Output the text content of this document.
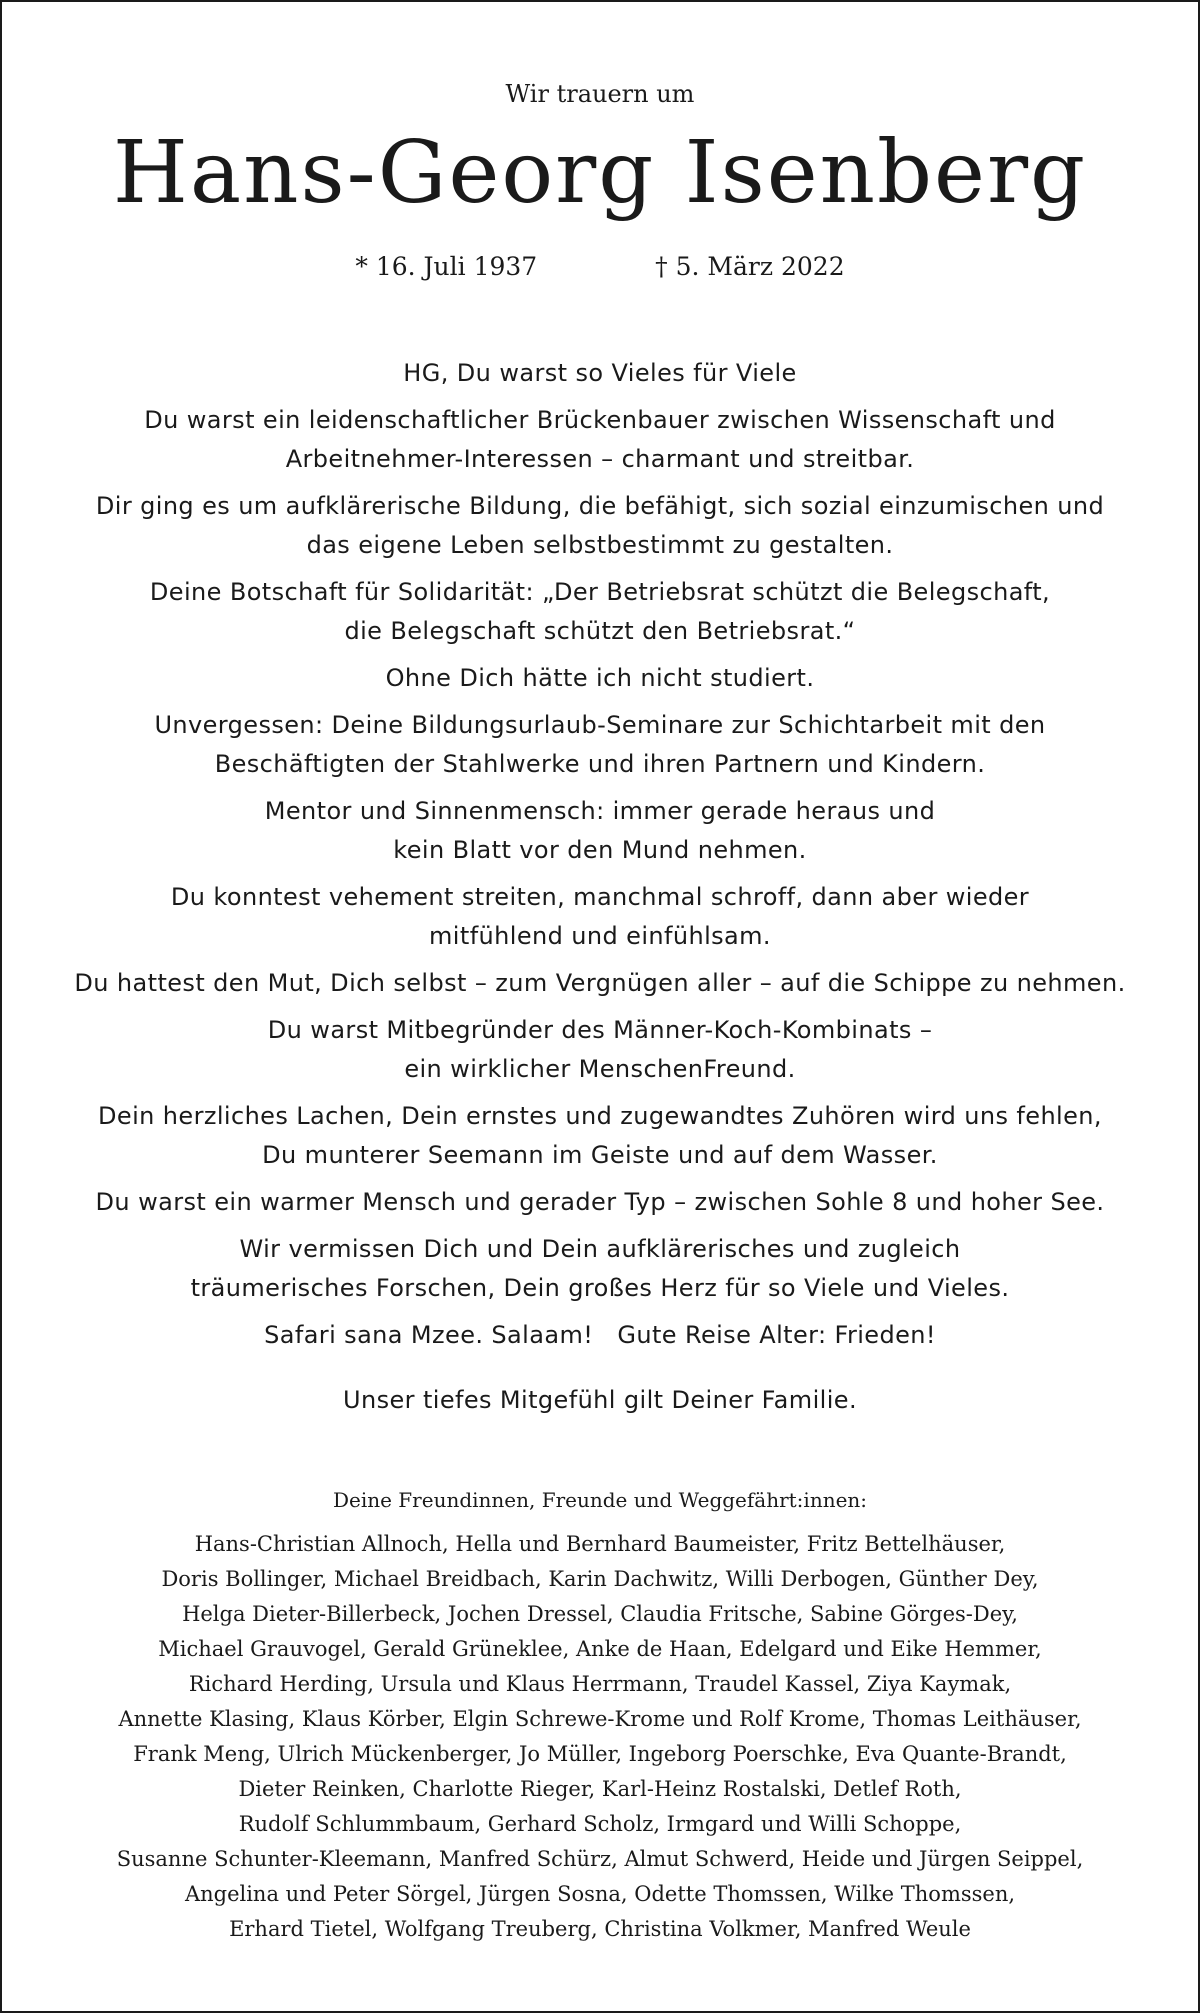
Wir trauern um
Hans-Georg Isenberg
* 16. Juli 1937	† 5. März 2022

HG, Du warst so Vieles für Viele

Du warst ein leidenschaftlicher Brückenbauer zwischen Wissenschaft und
Arbeitnehmer-Interessen – charmant und streitbar.

Dir ging es um aufklärerische Bildung, die befähigt, sich sozial einzumischen und
das eigene Leben selbstbestimmt zu gestalten.

Deine Botschaft für Solidarität: „Der Betriebsrat schützt die Belegschaft,
die Belegschaft schützt den Betriebsrat.“

Ohne Dich hätte ich nicht studiert.

Unvergessen: Deine Bildungsurlaub-Seminare zur Schichtarbeit mit den
Beschäftigten der Stahlwerke und ihren Partnern und Kindern.

Mentor und Sinnenmensch: immer gerade heraus und
kein Blatt vor den Mund nehmen.

Du konntest vehement streiten, manchmal schroff, dann aber wieder
mitfühlend und einfühlsam.

Du hattest den Mut, Dich selbst – zum Vergnügen aller – auf die Schippe zu nehmen.

Du warst Mitbegründer des Männer-Koch-Kombinats –
ein wirklicher MenschenFreund.

Dein herzliches Lachen, Dein ernstes und zugewandtes Zuhören wird uns fehlen,
Du munterer Seemann im Geiste und auf dem Wasser.

Du warst ein warmer Mensch und gerader Typ – zwischen Sohle 8 und hoher See.

Wir vermissen Dich und Dein aufklärerisches und zugleich
träumerisches Forschen, Dein großes Herz für so Viele und Vieles.

Safari sana Mzee. Salaam!   Gute Reise Alter: Frieden!

Unser tiefes Mitgefühl gilt Deiner Familie.

Deine Freundinnen, Freunde und Weggefährt:innen:
Hans-Christian Allnoch, Hella und Bernhard Baumeister, Fritz Bettelhäuser,
Doris Bollinger, Michael Breidbach, Karin Dachwitz, Willi Derbogen, Günther Dey,
Helga Dieter-Billerbeck, Jochen Dressel, Claudia Fritsche, Sabine Görges-Dey,
Michael Grauvogel, Gerald Grüneklee, Anke de Haan, Edelgard und Eike Hemmer,
Richard Herding, Ursula und Klaus Herrmann, Traudel Kassel, Ziya Kaymak,
Annette Klasing, Klaus Körber, Elgin Schrewe-Krome und Rolf Krome, Thomas Leithäuser,
Frank Meng, Ulrich Mückenberger, Jo Müller, Ingeborg Poerschke, Eva Quante-Brandt,
Dieter Reinken, Charlotte Rieger, Karl-Heinz Rostalski, Detlef Roth,
Rudolf Schlummbaum, Gerhard Scholz, Irmgard und Willi Schoppe,
Susanne Schunter-Kleemann, Manfred Schürz, Almut Schwerd, Heide und Jürgen Seippel,
Angelina und Peter Sörgel, Jürgen Sosna, Odette Thomssen, Wilke Thomssen,
Erhard Tietel, Wolfgang Treuberg, Christina Volkmer, Manfred Weule
